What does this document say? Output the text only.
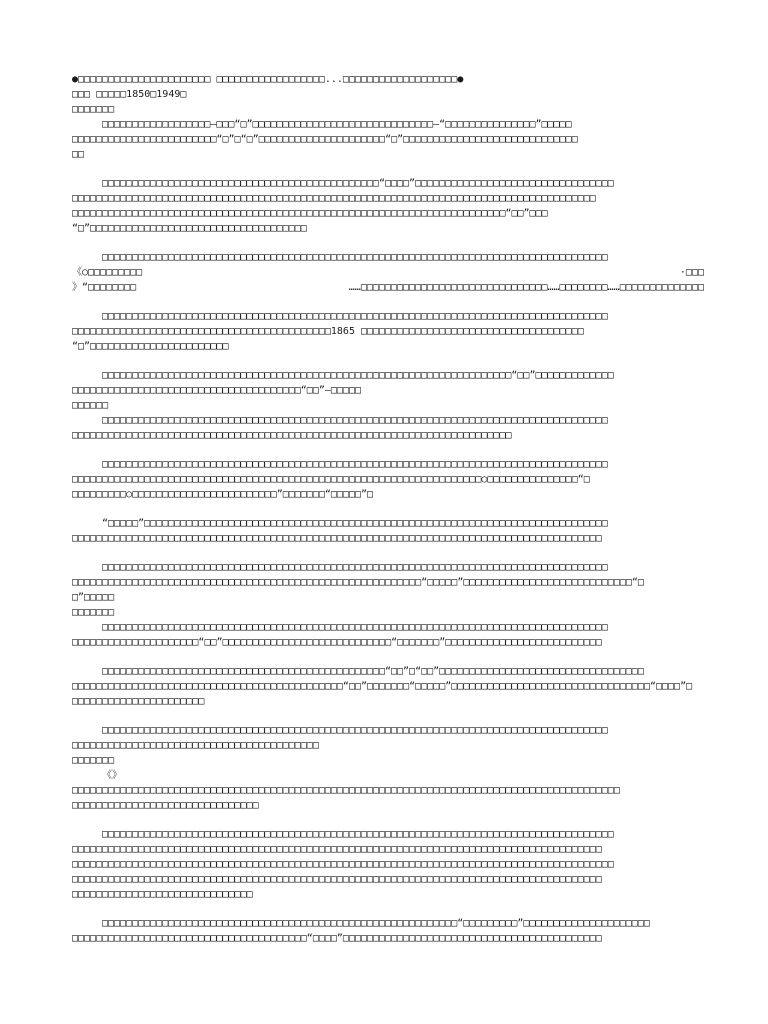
●□□□□□□□□□□□□□□□□□□□□□□ □□□□□□□□□□□□□□□□□□...□□□□□□□□□□□□□□□□□□□●
□□□ □□□□□1850□1949□
□□□□□□□
□□□□□□□□□□□□□□□□□□—□□□“□”□□□□□□□□□□□□□□□□□□□□□□□□□□□□□□—“□□□□□□□□□□□□□□□”□□□□□
□□□□□□□□□□□□□□□□□□□□□□□□“□”□“□”□□□□□□□□□□□□□□□□□□□□□“□”□□□□□□□□□□□□□□□□□□□□□□□□□□□□□
□□
□□□□□□□□□□□□□□□□□□□□□□□□□□□□□□□□□□□□□□□□□□□□□□“□□□□”□□□□□□□□□□□□□□□□□□□□□□□□□□□□□□□□□
□□□□□□□□□□□□□□□□□□□□□□□□□□□□□□□□□□□□□□□□□□□□□□□□□□□□□□□□□□□□□□□□□□□□□□□□□□□□□□□□□□□□□□□
□□□□□□□□□□□□□□□□□□□□□□□□□□□□□□□□□□□□□□□□□□□□□□□□□□□□□□□□□□□□□□□□□□□□□□□□“□□”□□□
“□”□□□□□□□□□□□□□□□□□□□□□□□□□□□□□□□□□□□□
□□□□□□□□□□□□□□□□□□□□□□□□□□□□□□□□□□□□□□□□□□□□□□□□□□□□□□□□□□□□□□□□□□□□□□□□□□□□□□□□□□□□
《○□□□□□□□□□	·□□□
》“□□□□□□□□	……□□□□□□□□□□□□□□□□□□□□□□□□□□□□□□□……□□□□□□□□……□□□□□□□□□□□□□□
□□□□□□□□□□□□□□□□□□□□□□□□□□□□□□□□□□□□□□□□□□□□□□□□□□□□□□□□□□□□□□□□□□□□□□□□□□□□□□□□□□□□
□□□□□□□□□□□□□□□□□□□□□□□□□□□□□□□□□□□□□□□□□□□1865 □□□□□□□□□□□□□□□□□□□□□□□□□□□□□□□□□□□□□
“□”□□□□□□□□□□□□□□□□□□□□□□□
□□□□□□□□□□□□□□□□□□□□□□□□□□□□□□□□□□□□□□□□□□□□□□□□□□□□□□□□□□□□□□□□□□□□“□□”□□□□□□□□□□□□□
□□□□□□□□□□□□□□□□□□□□□□□□□□□□□□□□□□□□□□“□□”—□□□□□
□□□□□□
□□□□□□□□□□□□□□□□□□□□□□□□□□□□□□□□□□□□□□□□□□□□□□□□□□□□□□□□□□□□□□□□□□□□□□□□□□□□□□□□□□□□
□□□□□□□□□□□□□□□□□□□□□□□□□□□□□□□□□□□□□□□□□□□□□□□□□□□□□□□□□□□□□□□□□□□□□□□□□
□□□□□□□□□□□□□□□□□□□□□□□□□□□□□□□□□□□□□□□□□□□□□□□□□□□□□□□□□□□□□□□□□□□□□□□□□□□□□□□□□□□□
□□□□□□□□□□□□□□□□□□□□□□□□□□□□□□□□□□□□□□□□□□□□□□□□□□□□□□□□□□□□□□□□□□□□○□□□□□□□□□□□□□□□“□
□□□□□□□□□○□□□□□□□□□□□□□□□□□□□□□□□□”□□□□□□□“□□□□□”□
“□□□□□”□□□□□□□□□□□□□□□□□□□□□□□□□□□□□□□□□□□□□□□□□□□□□□□□□□□□□□□□□□□□□□□□□□□□□□□□□□□□□
□□□□□□□□□□□□□□□□□□□□□□□□□□□□□□□□□□□□□□□□□□□□□□□□□□□□□□□□□□□□□□□□□□□□□□□□□□□□□□□□□□□□□□□□
□□□□□□□□□□□□□□□□□□□□□□□□□□□□□□□□□□□□□□□□□□□□□□□□□□□□□□□□□□□□□□□□□□□□□□□□□□□□□□□□□□□□
□□□□□□□□□□□□□□□□□□□□□□□□□□□□□□□□□□□□□□□□□□□□□□□□□□□□□□□□□□“□□□□□”□□□□□□□□□□□□□□□□□□□□□□□□□□□□“□
□”□□□□□
□□□□□□□
□□□□□□□□□□□□□□□□□□□□□□□□□□□□□□□□□□□□□□□□□□□□□□□□□□□□□□□□□□□□□□□□□□□□□□□□□□□□□□□□□□□□
□□□□□□□□□□□□□□□□□□□□□“□□”□□□□□□□□□□□□□□□□□□□□□□□□□□□□“□□□□□□□”□□□□□□□□□□□□□□□□□□□□□□□□□□
□□□□□□□□□□□□□□□□□□□□□□□□□□□□□□□□□□□□□□□□□□□□□□□“□□”□“□□”□□□□□□□□□□□□□□□□□□□□□□□□□□□□□□□□□□
□□□□□□□□□□□□□□□□□□□□□□□□□□□□□□□□□□□□□□□□□□□□□“□□”□□□□□□□“□□□□□”□□□□□□□□□□□□□□□□□□□□□□□□□□□□□□□□□“□□□□”□
□□□□□□□□□□□□□□□□□□□□□□
□□□□□□□□□□□□□□□□□□□□□□□□□□□□□□□□□□□□□□□□□□□□□□□□□□□□□□□□□□□□□□□□□□□□□□□□□□□□□□□□□□□□
□□□□□□□□□□□□□□□□□□□□□□□□□□□□□□□□□□□□□□□□□
□□□□□□□
《》
□□□□□□□□□□□□□□□□□□□□□□□□□□□□□□□□□□□□□□□□□□□□□□□□□□□□□□□□□□□□□□□□□□□□□□□□□□□□□□□□□□□□□□□□□□□
□□□□□□□□□□□□□□□□□□□□□□□□□□□□□□□
□□□□□□□□□□□□□□□□□□□□□□□□□□□□□□□□□□□□□□□□□□□□□□□□□□□□□□□□□□□□□□□□□□□□□□□□□□□□□□□□□□□□□
□□□□□□□□□□□□□□□□□□□□□□□□□□□□□□□□□□□□□□□□□□□□□□□□□□□□□□□□□□□□□□□□□□□□□□□□□□□□□□□□□□□□□□□□
□□□□□□□□□□□□□□□□□□□□□□□□□□□□□□□□□□□□□□□□□□□□□□□□□□□□□□□□□□□□□□□□□□□□□□□□□□□□□□□□□□□□□□□□□□
□□□□□□□□□□□□□□□□□□□□□□□□□□□□□□□□□□□□□□□□□□□□□□□□□□□□□□□□□□□□□□□□□□□□□□□□□□□□□□□□□□□□□□□□
□□□□□□□□□□□□□□□□□□□□□□□□□□□□□□
□□□□□□□□□□□□□□□□□□□□□□□□□□□□□□□□□□□□□□□□□□□□□□□□□□□□□□□□□□□“□□□□□□□□□”□□□□□□□□□□□□□□□□□□□□□
□□□□□□□□□□□□□□□□□□□□□□□□□□□□□□□□□□□□□□□“□□□□”□□□□□□□□□□□□□□□□□□□□□□□□□□□□□□□□□□□□□□□□□□□
